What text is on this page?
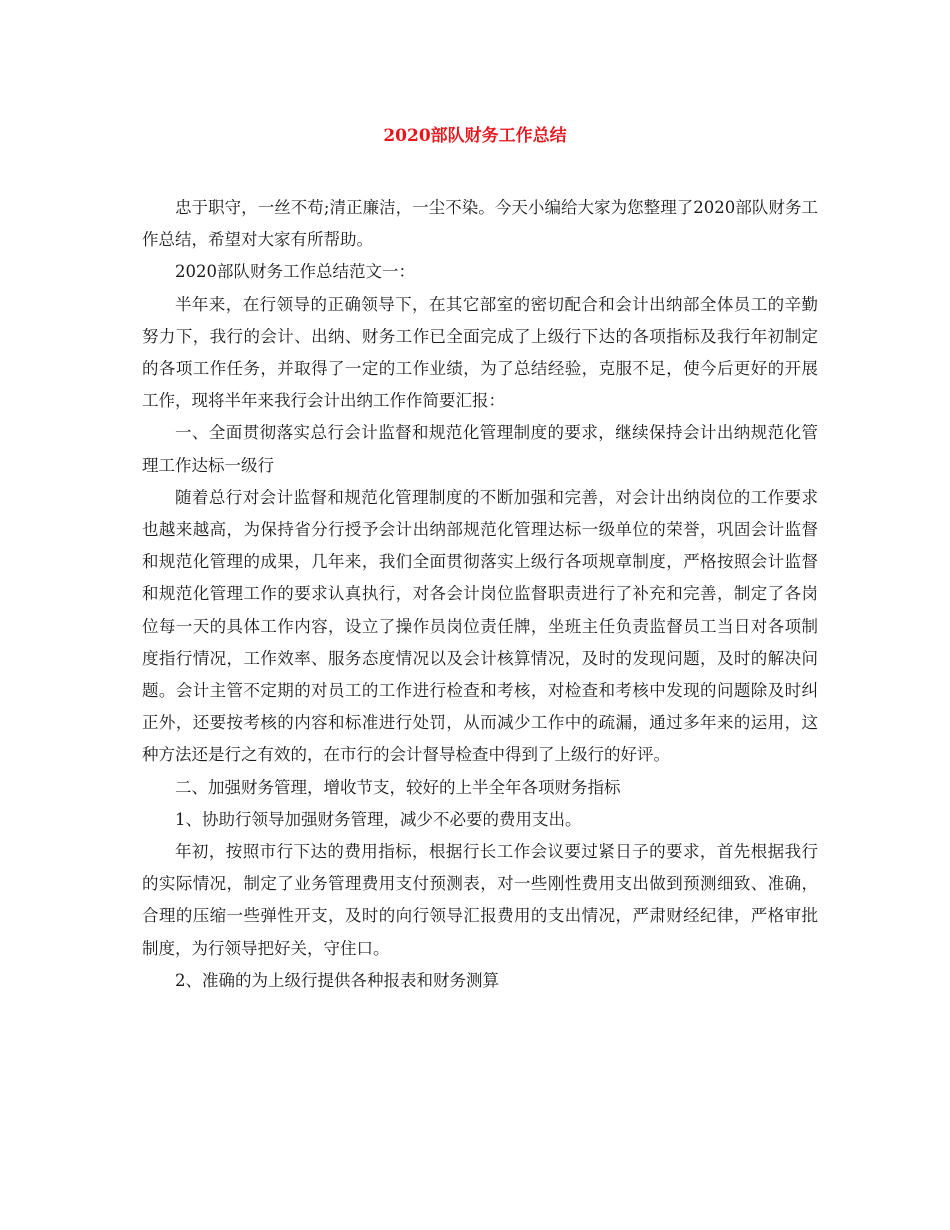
2020部队财务工作总结

忠于职守，一丝不苟;清正廉洁，一尘不染。今天小编给大家为您整理了2020部队财务工作总结，希望对大家有所帮助。

2020部队财务工作总结范文一：

半年来，在行领导的正确领导下，在其它部室的密切配合和会计出纳部全体员工的辛勤努力下，我行的会计、出纳、财务工作已全面完成了上级行下达的各项指标及我行年初制定的各项工作任务，并取得了一定的工作业绩，为了总结经验，克服不足，使今后更好的开展工作，现将半年来我行会计出纳工作作简要汇报：

一、全面贯彻落实总行会计监督和规范化管理制度的要求，继续保持会计出纳规范化管理工作达标一级行

随着总行对会计监督和规范化管理制度的不断加强和完善，对会计出纳岗位的工作要求也越来越高，为保持省分行授予会计出纳部规范化管理达标一级单位的荣誉，巩固会计监督和规范化管理的成果，几年来，我们全面贯彻落实上级行各项规章制度，严格按照会计监督和规范化管理工作的要求认真执行，对各会计岗位监督职责进行了补充和完善，制定了各岗位每一天的具体工作内容，设立了操作员岗位责任牌，坐班主任负责监督员工当日对各项制度指行情况，工作效率、服务态度情况以及会计核算情况，及时的发现问题，及时的解决问题。会计主管不定期的对员工的工作进行检查和考核，对检查和考核中发现的问题除及时纠正外，还要按考核的内容和标准进行处罚，从而减少工作中的疏漏，通过多年来的运用，这种方法还是行之有效的，在市行的会计督导检查中得到了上级行的好评。

二、加强财务管理，增收节支，较好的上半全年各项财务指标

1、协助行领导加强财务管理，减少不必要的费用支出。

年初，按照市行下达的费用指标，根据行长工作会议要过紧日子的要求，首先根据我行的实际情况，制定了业务管理费用支付预测表，对一些刚性费用支出做到预测细致、准确，合理的压缩一些弹性开支，及时的向行领导汇报费用的支出情况，严肃财经纪律，严格审批制度，为行领导把好关，守住口。

2、准确的为上级行提供各种报表和财务测算
